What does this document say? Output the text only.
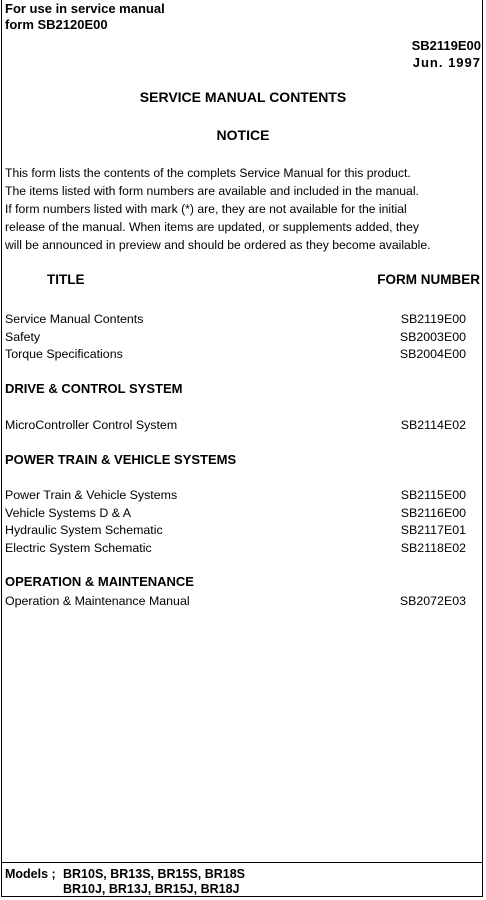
For use in service manual
form SB2120E00
SB2119E00
Jun. 1997
SERVICE MANUAL CONTENTS
NOTICE
This form lists the contents of the complets Service Manual for this product.
The items listed with form numbers are available and included in the manual.
If form numbers listed with mark (*) are, they are not available for the initial
release of the manual. When items are updated, or supplements added, they
will be announced in preview and should be ordered as they become available.
TITLE	FORM NUMBER
Service Manual Contents	SB2119E00
Safety	SB2003E00
Torque Specifications	SB2004E00
DRIVE & CONTROL SYSTEM
MicroController Control System	SB2114E02
POWER TRAIN & VEHICLE SYSTEMS
Power Train & Vehicle Systems	SB2115E00
Vehicle Systems D & A	SB2116E00
Hydraulic System Schematic	SB2117E01
Electric System Schematic	SB2118E02
OPERATION & MAINTENANCE
Operation & Maintenance Manual	SB2072E03
Models ; BR10S, BR13S, BR15S, BR18S
BR10J, BR13J, BR15J, BR18J
